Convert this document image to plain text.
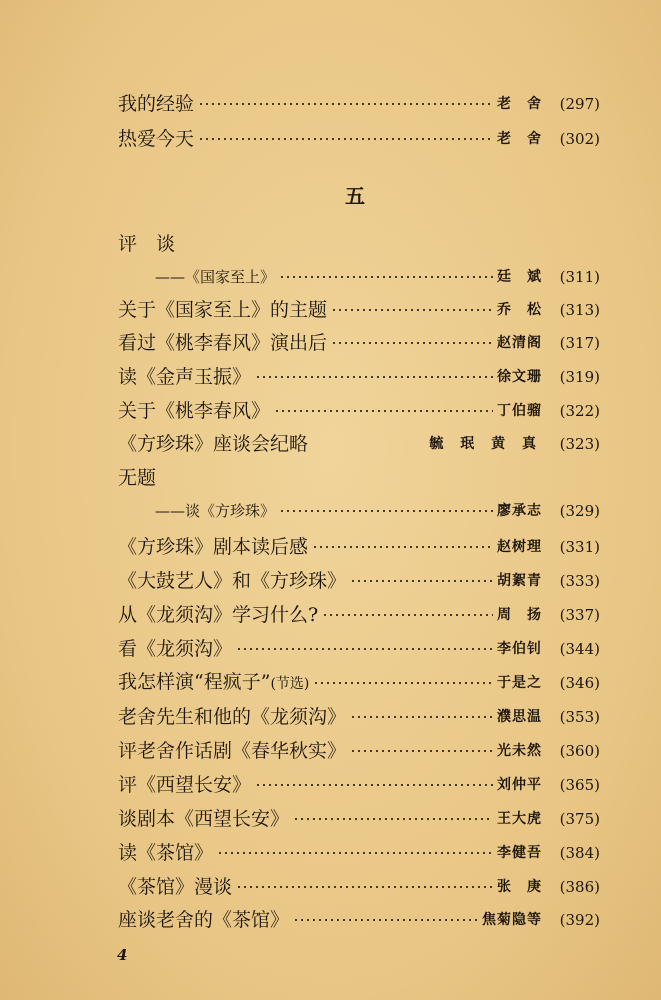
我的经验	老　舍	(297)
热爱今天	老　舍	(302)
五
评　谈
——《国家至上》	廷　斌	(311)
关于《国家至上》的主题	乔　松	(313)
看过《桃李春风》演出后	赵清阁	(317)
读《金声玉振》	徐文珊	(319)
关于《桃李春风》	丁伯骝	(322)
《方珍珠》座谈会纪略	毓 珉 黄 真	(323)
无题
——谈《方珍珠》	廖承志	(329)
《方珍珠》剧本读后感	赵树理	(331)
《大鼓艺人》和《方珍珠》	胡絮青	(333)
从《龙须沟》学习什么?	周　扬	(337)
看《龙须沟》	李伯钊	(344)
我怎样演“程疯子”(节选)	于是之	(346)
老舍先生和他的《龙须沟》	濮思温	(353)
评老舍作话剧《春华秋实》	光未然	(360)
评《西望长安》	刘仲平	(365)
谈剧本《西望长安》	王大虎	(375)
读《茶馆》	李健吾	(384)
《茶馆》漫谈	张　庚	(386)
座谈老舍的《茶馆》	焦菊隐等	(392)
4
